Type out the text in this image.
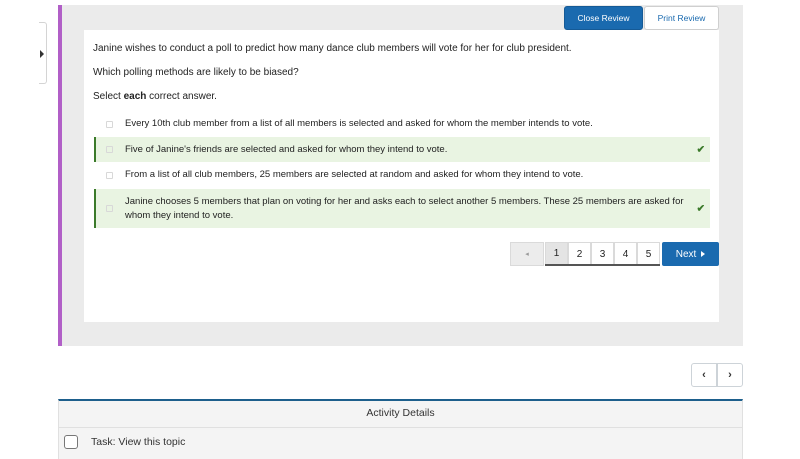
Close Review	Print Review
Janine wishes to conduct a poll to predict how many dance club members will vote for her for club president.
Which polling methods are likely to be biased?
Select each correct answer.
Every 10th club member from a list of all members is selected and asked for whom the member intends to vote.
Five of Janine's friends are selected and asked for whom they intend to vote.	✔
From a list of all club members, 25 members are selected at random and asked for whom they intend to vote.
Janine chooses 5 members that plan on voting for her and asks each to select another 5 members. These 25 members are asked for whom they intend to vote.
✔
◂	1	2	3	4	5	Next
‹ ›
Activity Details
Task: View this topic
